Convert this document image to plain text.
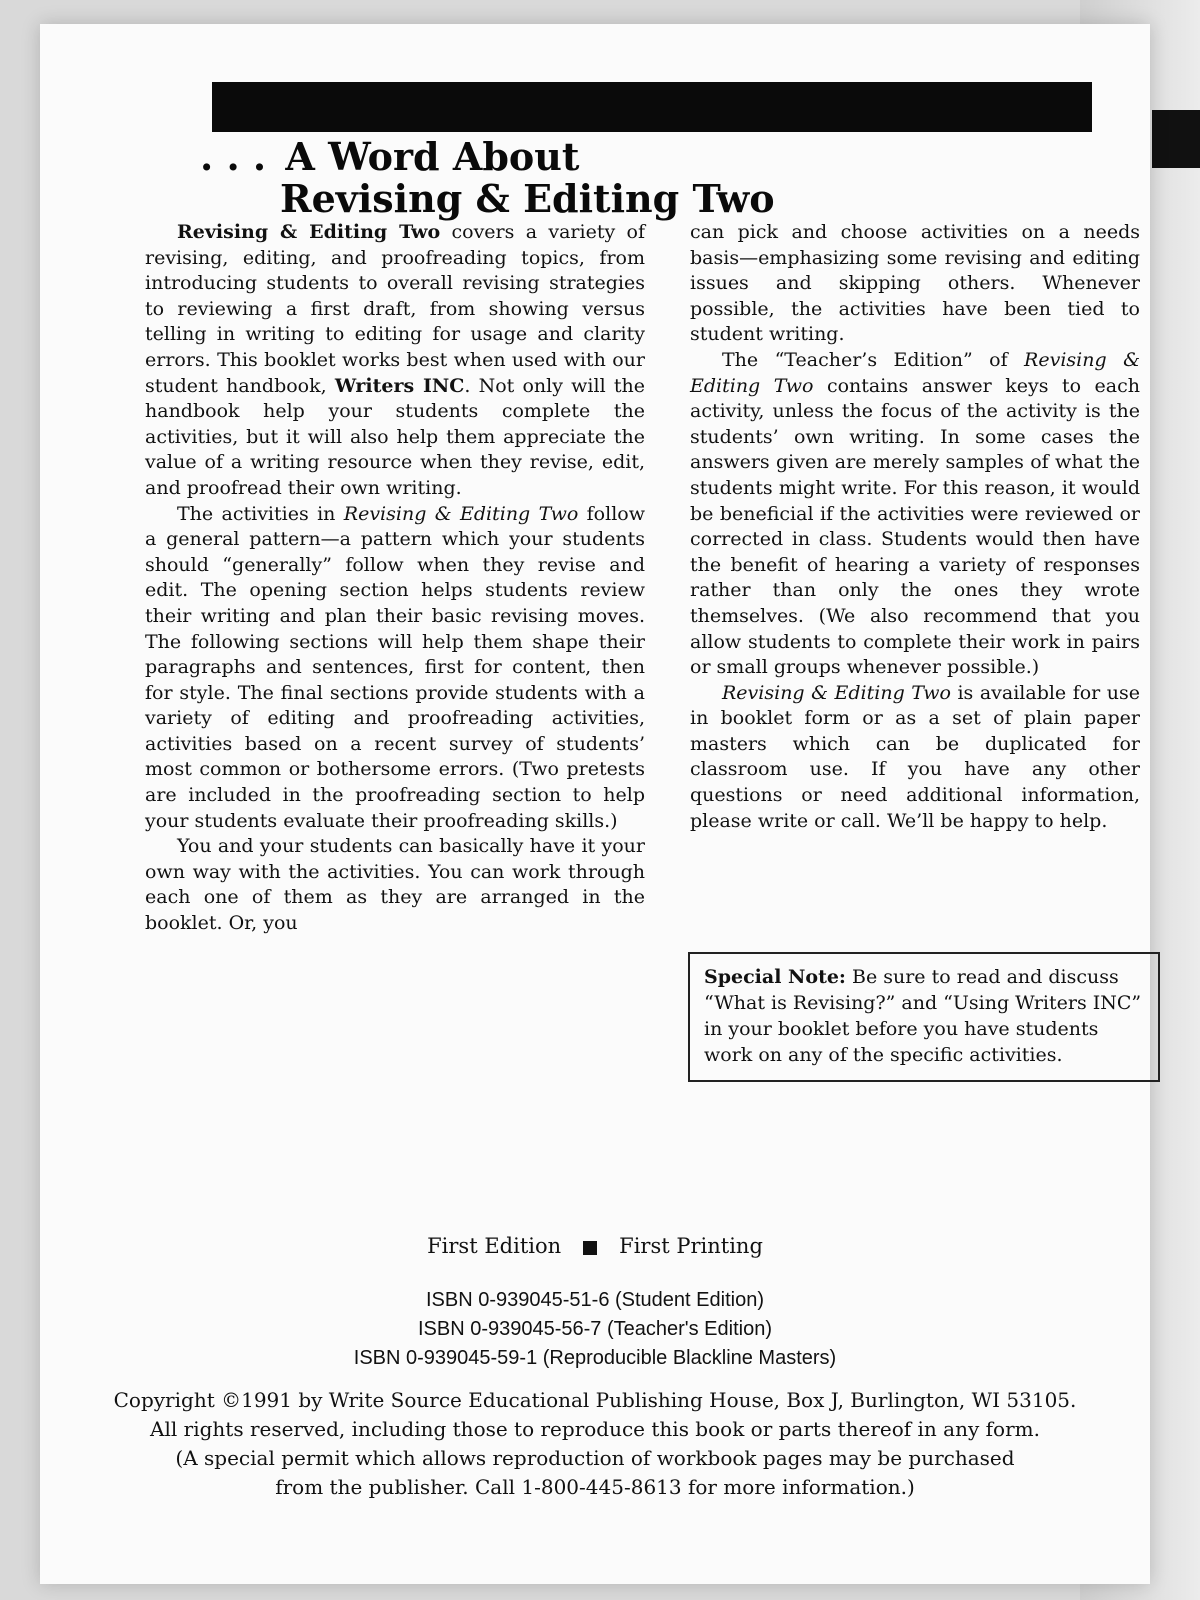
. . . A Word About
Revising & Editing Two

Revising & Editing Two covers a variety of revising, editing, and proofreading topics, from introducing students to overall revising strategies to reviewing a first draft, from showing versus telling in writing to editing for usage and clarity errors. This booklet works best when used with our student handbook, Writers INC. Not only will the handbook help your students complete the activities, but it will also help them appreciate the value of a writing resource when they revise, edit, and proofread their own writing.

The activities in Revising & Editing Two follow a general pattern—a pattern which your students should “generally” follow when they revise and edit. The opening section helps students review their writing and plan their basic revising moves. The following sections will help them shape their paragraphs and sentences, first for content, then for style. The final sections provide students with a variety of editing and proofreading activities, activities based on a recent survey of students’ most common or bothersome errors. (Two pretests are included in the proofreading section to help your students evaluate their proofreading skills.)

You and your students can basically have it your own way with the activities. You can work through each one of them as they are arranged in the booklet. Or, you

can pick and choose activities on a needs basis—emphasizing some revising and editing issues and skipping others. Whenever possible, the activities have been tied to student writing.

The “Teacher’s Edition” of Revising & Editing Two contains answer keys to each activity, unless the focus of the activity is the students’ own writing. In some cases the answers given are merely samples of what the students might write. For this reason, it would be beneficial if the activities were reviewed or corrected in class. Students would then have the benefit of hearing a variety of responses rather than only the ones they wrote themselves. (We also recommend that you allow students to complete their work in pairs or small groups whenever possible.)

Revising & Editing Two is available for use in booklet form or as a set of plain paper masters which can be duplicated for classroom use. If you have any other questions or need additional information, please write or call. We’ll be happy to help.

Special Note: Be sure to read and discuss “What is Revising?” and “Using Writers INC” in your booklet before you have students work on any of the specific activities.
First Edition	First Printing
ISBN 0-939045-51-6 (Student Edition)
ISBN 0-939045-56-7 (Teacher's Edition)
ISBN 0-939045-59-1 (Reproducible Blackline Masters)
Copyright ©1991 by Write Source Educational Publishing House, Box J, Burlington, WI 53105.
All rights reserved, including those to reproduce this book or parts thereof in any form.
(A special permit which allows reproduction of workbook pages may be purchased
from the publisher. Call 1-800-445-8613 for more information.)
